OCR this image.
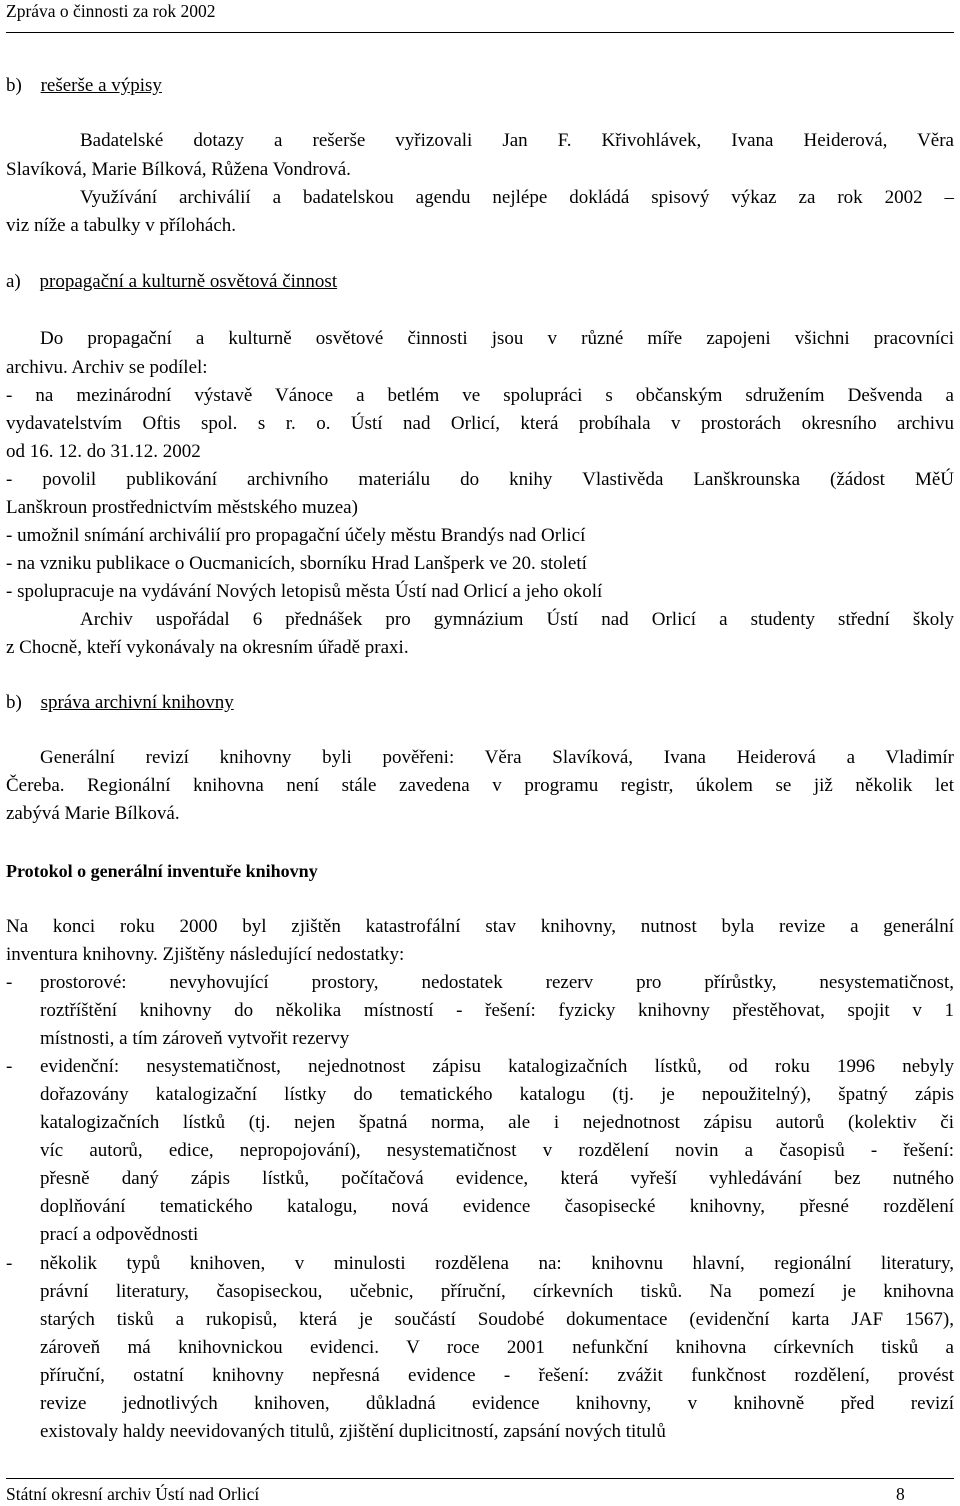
Zpráva o činnosti za rok 2002
b) rešerše a výpisy
Badatelské dotazy a rešerše vyřizovali Jan F. Křivohlávek, Ivana Heiderová, Věra
Slavíková, Marie Bílková, Růžena Vondrová.
Využívání archiválií a badatelskou agendu nejlépe dokládá spisový výkaz za rok 2002 –
viz níže a tabulky v přílohách.
a) propagační a kulturně osvětová činnost
Do propagační a kulturně osvětové činnosti jsou v různé míře zapojeni všichni pracovníci
archivu. Archiv se podílel:
- na mezinárodní výstavě Vánoce a betlém ve spolupráci s občanským sdružením Dešvenda a
vydavatelstvím Oftis spol. s r. o. Ústí nad Orlicí, která probíhala v prostorách okresního archivu
od 16. 12. do 31.12. 2002
- povolil publikování archivního materiálu do knihy Vlastivěda Lanškrounska (žádost MěÚ
Lanškroun prostřednictvím městského muzea)
- umožnil snímání archiválií pro propagační účely městu Brandýs nad Orlicí
- na vzniku publikace o Oucmanicích, sborníku Hrad Lanšperk ve 20. století
- spolupracuje na vydávání Nových letopisů města Ústí nad Orlicí a jeho okolí
Archiv uspořádal 6 přednášek pro gymnázium Ústí nad Orlicí a studenty střední školy
z Chocně, kteří vykonávaly na okresním úřadě praxi.
b) správa archivní knihovny
Generální revizí knihovny byli pověřeni: Věra Slavíková, Ivana Heiderová a Vladimír
Čereba. Regionální knihovna není stále zavedena v programu registr, úkolem se již několik let
zabývá Marie Bílková.
Protokol o generální inventuře knihovny
Na konci roku 2000 byl zjištěn katastrofální stav knihovny, nutnost byla revize a generální
inventura knihovny. Zjištěny následující nedostatky:
- prostorové: nevyhovující prostory, nedostatek rezerv pro přírůstky, nesystematičnost,
roztříštění knihovny do několika místností - řešení: fyzicky knihovny přestěhovat, spojit v 1
místnosti, a tím zároveň vytvořit rezervy
- evidenční: nesystematičnost, nejednotnost zápisu katalogizačních lístků, od roku 1996 nebyly
dořazovány katalogizační lístky do tematického katalogu (tj. je nepoužitelný), špatný zápis
katalogizačních lístků (tj. nejen špatná norma, ale i nejednotnost zápisu autorů (kolektiv či
víc autorů, edice, nepropojování), nesystematičnost v rozdělení novin a časopisů - řešení:
přesně daný zápis lístků, počítačová evidence, která vyřeší vyhledávání bez nutného
doplňování tematického katalogu, nová evidence časopisecké knihovny, přesné rozdělení
prací a odpovědnosti
- několik typů knihoven, v minulosti rozdělena na: knihovnu hlavní, regionální literatury,
právní literatury, časopiseckou, učebnic, příruční, církevních tisků. Na pomezí je knihovna
starých tisků a rukopisů, která je součástí Soudobé dokumentace (evidenční karta JAF 1567),
zároveň má knihovnickou evidenci. V roce 2001 nefunkční knihovna církevních tisků a
příruční, ostatní knihovny nepřesná evidence - řešení: zvážit funkčnost rozdělení, provést
revize jednotlivých knihoven, důkladná evidence knihovny, v knihovně před revizí
existovaly haldy neevidovaných titulů, zjištění duplicitností, zapsání nových titulů
Státní okresní archiv Ústí nad Orlicí	8
